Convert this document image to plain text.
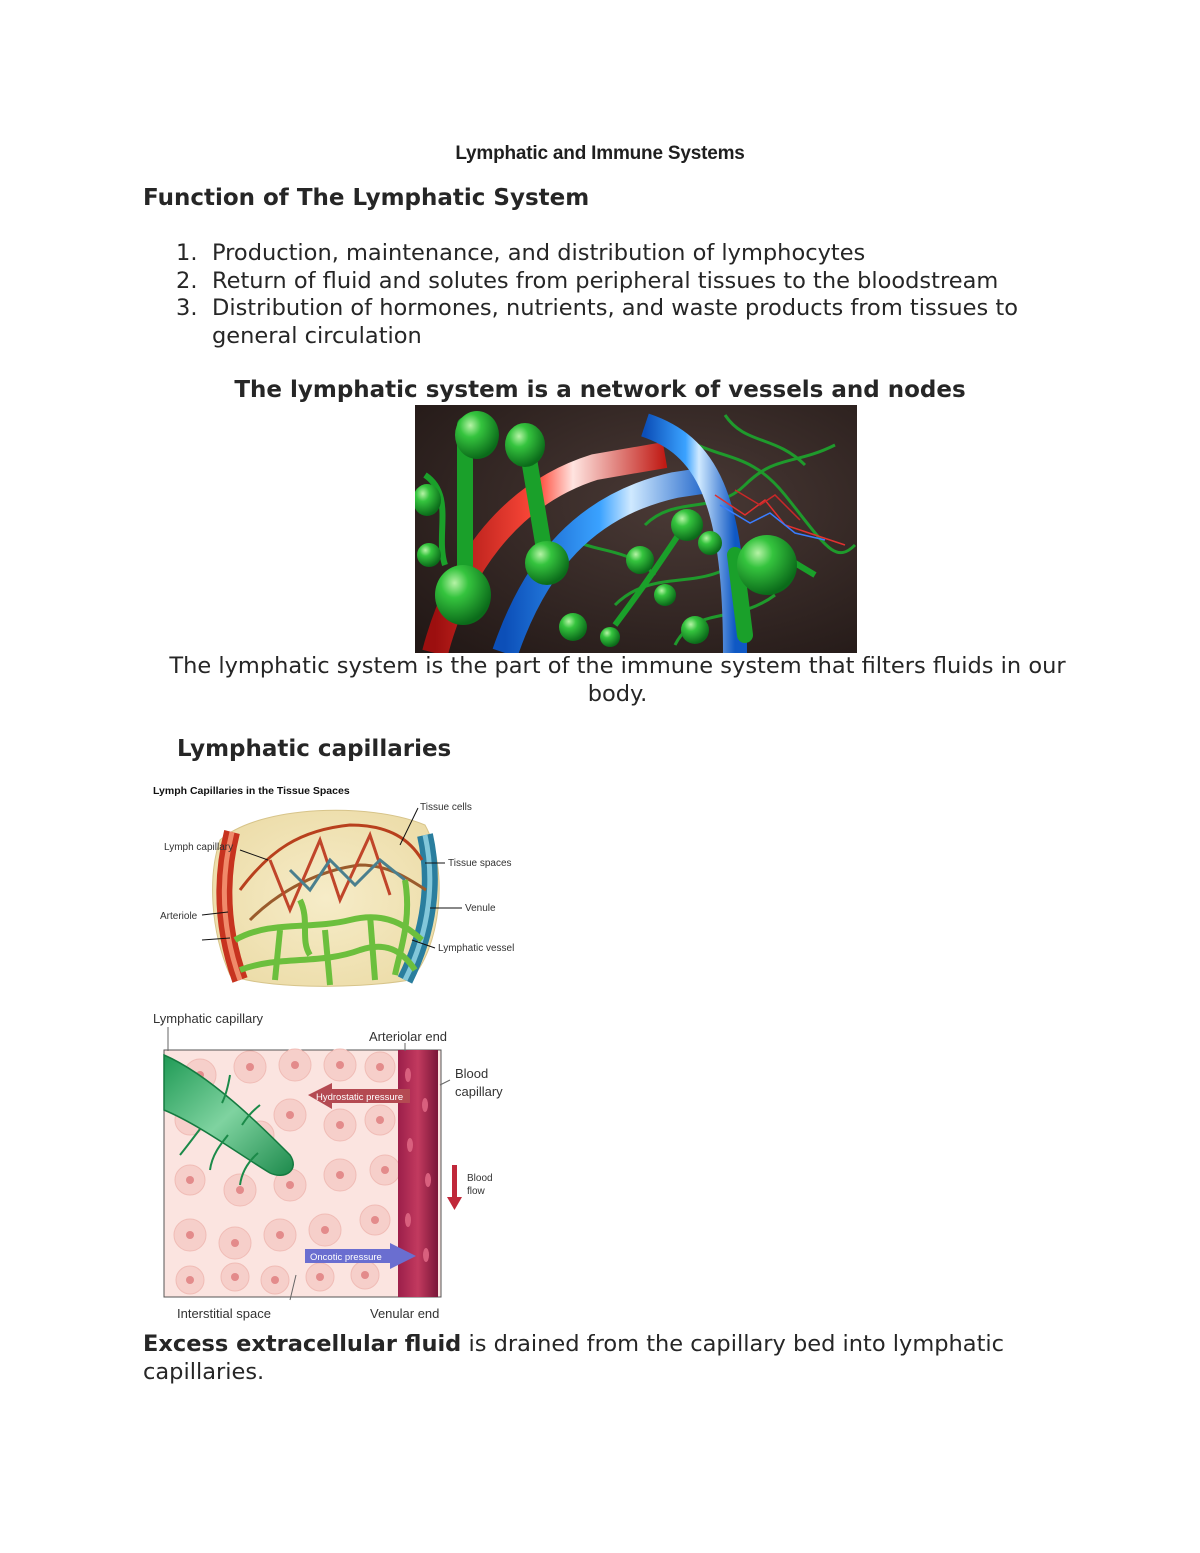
Lymphatic and Immune Systems
Function of The Lymphatic System
1. Production, maintenance, and distribution of lymphocytes
2. Return of fluid and solutes from peripheral tissues to the bloodstream
3. Distribution of hormones, nutrients, and waste products from tissues to general circulation
The lymphatic system is a network of vessels and nodes
The lymphatic system is the part of the immune system that filters fluids in our body.
Lymphatic capillaries
Lymph Capillaries in the Tissue Spaces
Tissue cells
Lymph capillary
Tissue spaces
Arteriole
Venule
Lymphatic vessel
Hydrostatic pressure
Oncotic pressure
Lymphatic capillary
Arteriolar end
Blood
capillary
Interstitial space	Venular end
Blood
flow
Excess extracellular fluid is drained from the capillary bed into lymphatic capillaries.
